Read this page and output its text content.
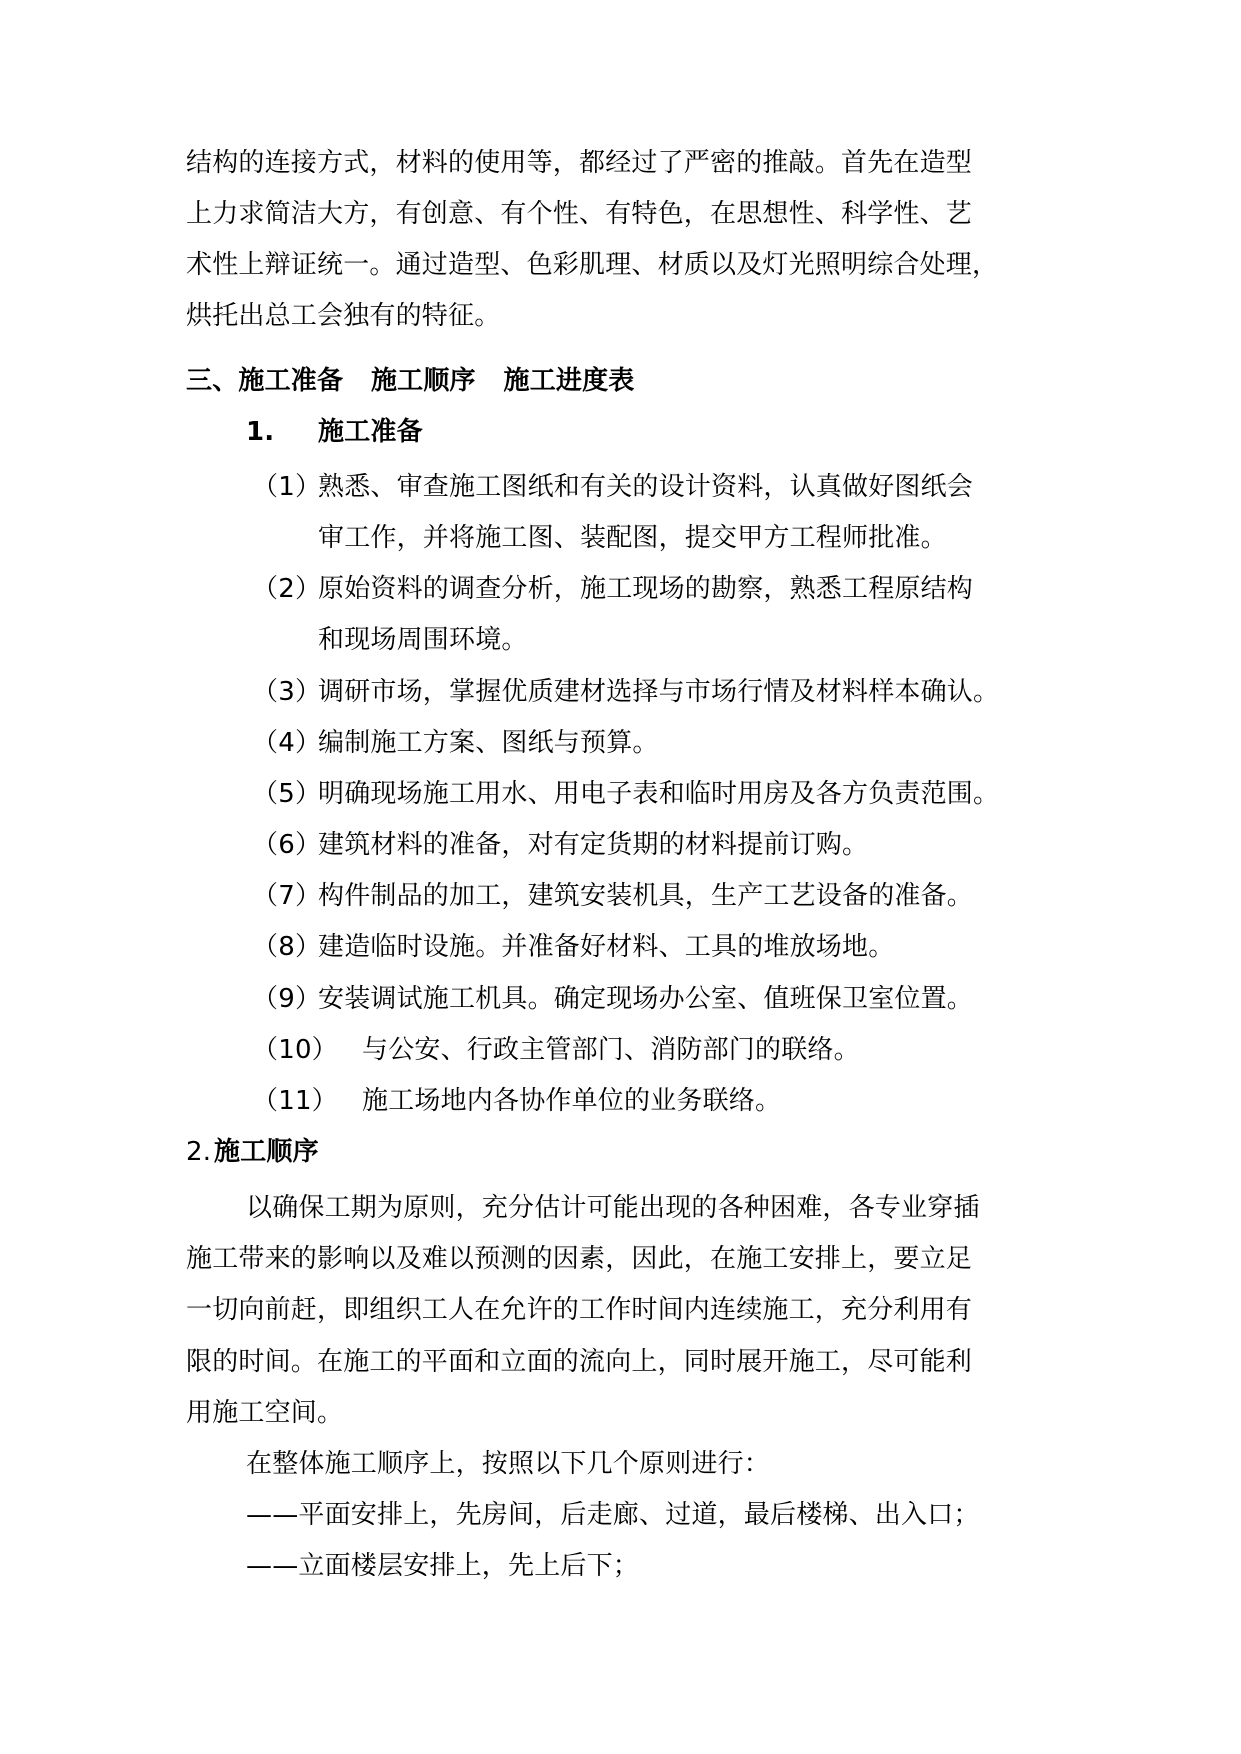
结构的连接方式，材料的使用等，都经过了严密的推敲。首先在造型
上力求简洁大方，有创意、有个性、有特色，在思想性、科学性、艺
术性上辩证统一。通过造型、色彩肌理、材质以及灯光照明综合处理，
烘托出总工会独有的特征。
三、施工准备   施工顺序   施工进度表
1. 施工准备
（1）
熟悉、审查施工图纸和有关的设计资料，认真做好图纸会
审工作，并将施工图、装配图，提交甲方工程师批准。
（2）
原始资料的调查分析，施工现场的勘察，熟悉工程原结构
和现场周围环境。
（3）
调研市场，掌握优质建材选择与市场行情及材料样本确认。
（4）
编制施工方案、图纸与预算。
（5）
明确现场施工用水、用电子表和临时用房及各方负责范围。
（6）
建筑材料的准备，对有定货期的材料提前订购。
（7）
构件制品的加工，建筑安装机具，生产工艺设备的准备。
（8）
建造临时设施。并准备好材料、工具的堆放场地。
（9）
安装调试施工机具。确定现场办公室、值班保卫室位置。
（10） 与公安、行政主管部门、消防部门的联络。
（11） 施工场地内各协作单位的业务联络。
2. 施工顺序
以确保工期为原则，充分估计可能出现的各种困难，各专业穿插
施工带来的影响以及难以预测的因素，因此，在施工安排上，要立足
一切向前赶，即组织工人在允许的工作时间内连续施工，充分利用有
限的时间。在施工的平面和立面的流向上，同时展开施工，尽可能利
用施工空间。
在整体施工顺序上，按照以下几个原则进行：
——平面安排上，先房间，后走廊、过道，最后楼梯、出入口；
——立面楼层安排上，先上后下；
